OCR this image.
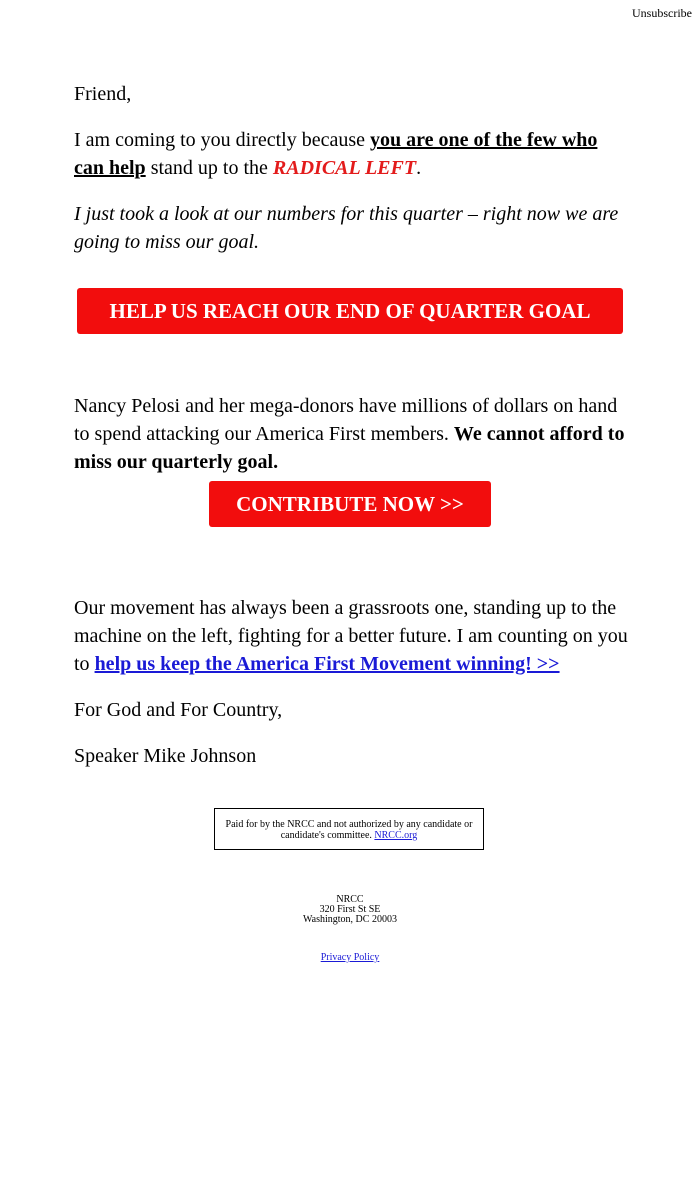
Unsubscribe

Friend,

I am coming to you directly because you are one of the few who can help stand up to the RADICAL LEFT.

I just took a look at our numbers for this quarter – right now we are going to miss our goal.

Nancy Pelosi and her mega-donors have millions of dollars on hand to spend attacking our America First members. We cannot afford to miss our quarterly goal.

Our movement has always been a grassroots one, standing up to the machine on the left, fighting for a better future. I am counting on you to help us keep the America First Movement winning! >>

For God and For Country,

Speaker Mike Johnson

HELP US REACH OUR END OF QUARTER GOAL
CONTRIBUTE NOW >>
Paid for by the NRCC and not authorized by any candidate or candidate's committee. NRCC.org
NRCC
320 First St SE
Washington, DC 20003
Privacy Policy
